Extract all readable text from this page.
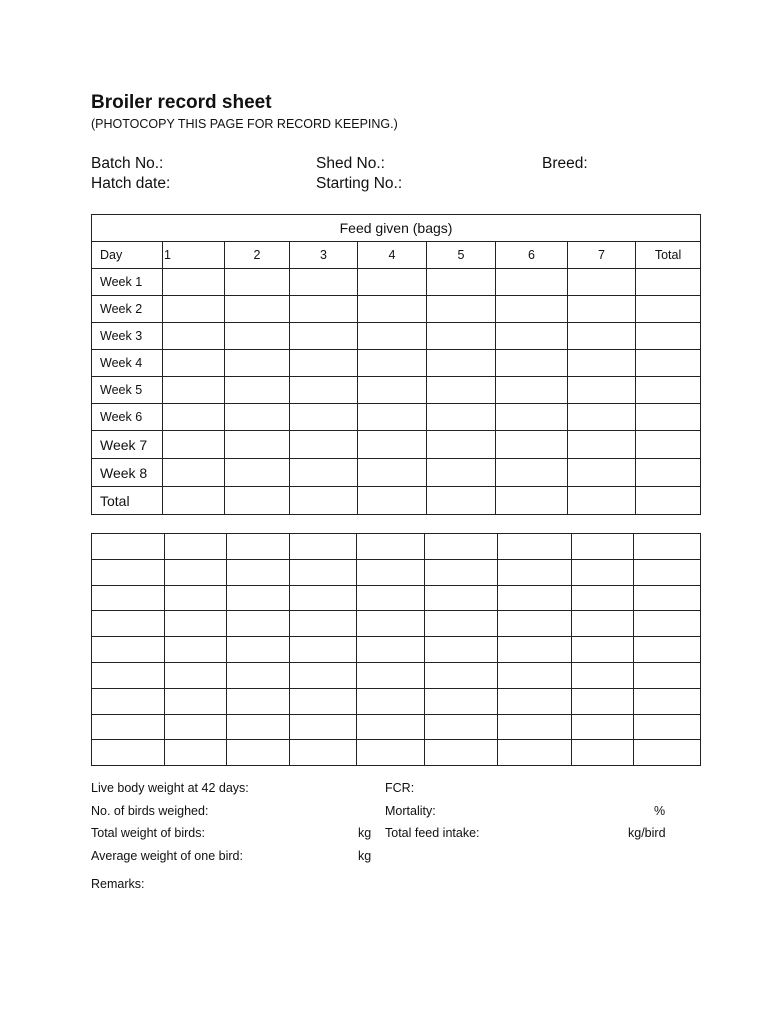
Broiler record sheet
(PHOTOCOPY THIS PAGE FOR RECORD KEEPING.)
Batch No.:	Shed No.:	Breed:
Hatch date:	Starting No.:
Feed given (bags)								
Day	1	2	3	4	5	6	7	Total
Week 1								
Week 2								
Week 3								
Week 4								
Week 5								
Week 6								
Week 7								
Week 8								
Total								

Live body weight at 42 days:	FCR:
No. of birds weighed:	Mortality:	%
Total weight of birds:	kg Total feed intake:	kg/bird
Average weight of one bird:	kg
Remarks:
